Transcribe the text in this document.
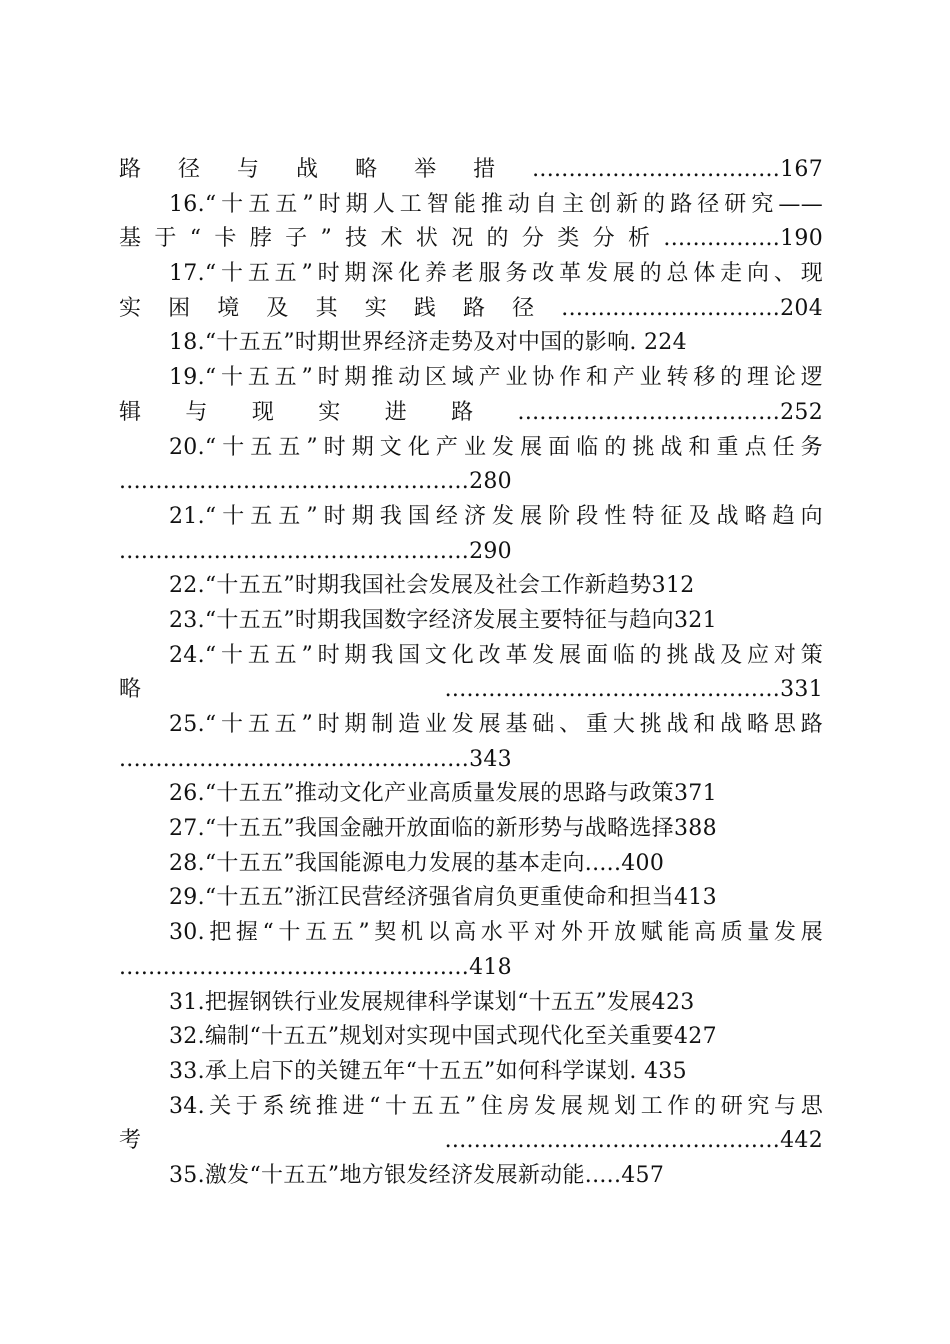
路径与战略举措..................................167
16.“十五五”时期人工智能推动自主创新的路径研究——
基于“卡脖子”技术状况的分类分析................190
17.“十五五”时期深化养老服务改革发展的总体走向、现
实困境及其实践路径..............................204
18.“十五五”时期世界经济走势及对中国的影响. 224
19.“十五五”时期推动区域产业协作和产业转移的理论逻
辑与现实进路....................................252
20.“十五五”时期文化产业发展面临的挑战和重点任务
................................................280
21.“十五五”时期我国经济发展阶段性特征及战略趋向
................................................290
22.“十五五”时期我国社会发展及社会工作新趋势312
23.“十五五”时期我国数字经济发展主要特征与趋向321
24.“十五五”时期我国文化改革发展面临的挑战及应对策
略..............................................331
25.“十五五”时期制造业发展基础、重大挑战和战略思路
................................................343
26.“十五五”推动文化产业高质量发展的思路与政策371
27.“十五五”我国金融开放面临的新形势与战略选择388
28.“十五五”我国能源电力发展的基本走向.....400
29.“十五五”浙江民营经济强省肩负更重使命和担当413
30.把握“十五五”契机以高水平对外开放赋能高质量发展
................................................418
31.把握钢铁行业发展规律科学谋划“十五五”发展423
32.编制“十五五”规划对实现中国式现代化至关重要427
33.承上启下的关键五年“十五五”如何科学谋划. 435
34.关于系统推进“十五五”住房发展规划工作的研究与思
考..............................................442
35.激发“十五五”地方银发经济发展新动能.....457
